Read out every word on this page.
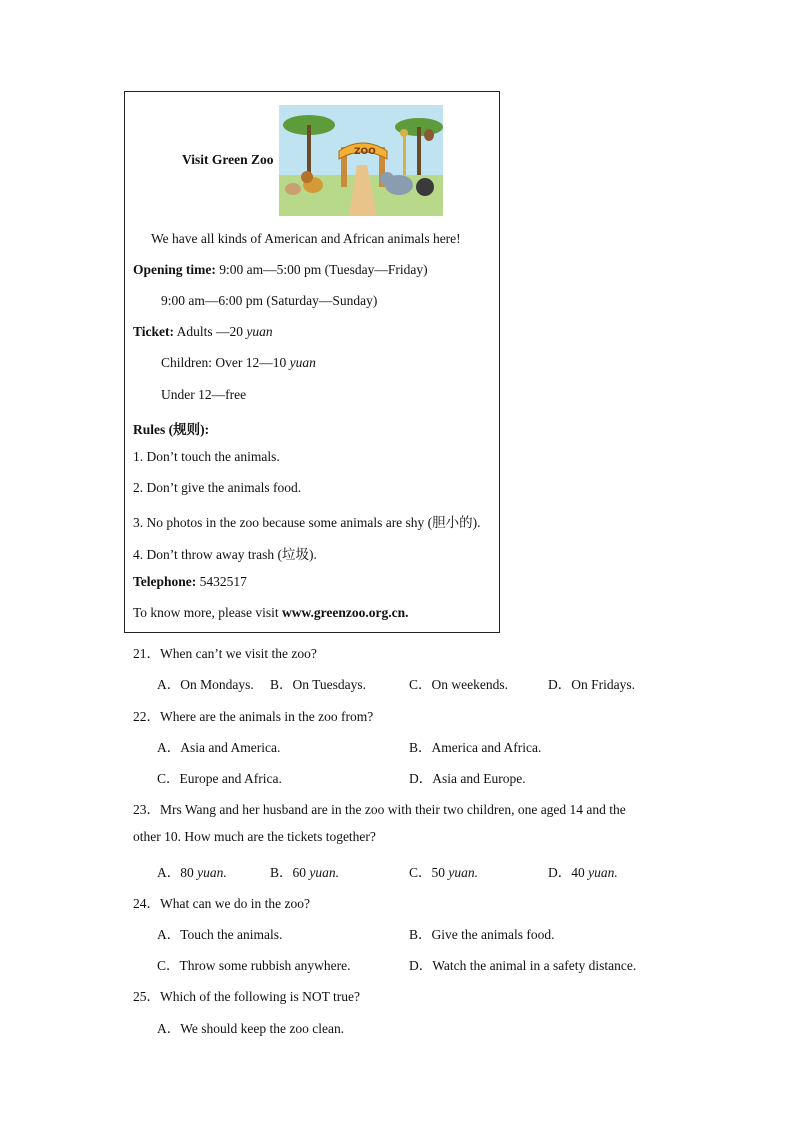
Visit Green Zoo	ZOO
We have all kinds of American and African animals here!
Opening time: 9:00 am—5:00 pm (Tuesday—Friday)
9:00 am—6:00 pm (Saturday—Sunday)
Ticket: Adults —20 yuan
Children: Over 12—10 yuan
Under 12—free
Rules (规则):
1. Don’t touch the animals.
2. Don’t give the animals food.
3. No photos in the zoo because some animals are shy (胆小的).
4. Don’t throw away trash (垃圾).
Telephone: 5432517
To know more, please visit www.greenzoo.org.cn.
21．When can’t we visit the zoo?
A．On Mondays. B．On Tuesdays.	C．On weekends.	D．On Fridays.
22．Where are the animals in the zoo from?
A．Asia and America.	B．America and Africa.
C．Europe and Africa.	D．Asia and Europe.
23．Mrs Wang and her husband are in the zoo with their two children, one aged 14 and the
other 10. How much are the tickets together?
A．80 yuan.	B．60 yuan.	C．50 yuan.	D．40 yuan.
24．What can we do in the zoo?
A．Touch the animals.	B．Give the animals food.
C．Throw some rubbish anywhere.	D．Watch the animal in a safety distance.
25．Which of the following is NOT true?
A．We should keep the zoo clean.
